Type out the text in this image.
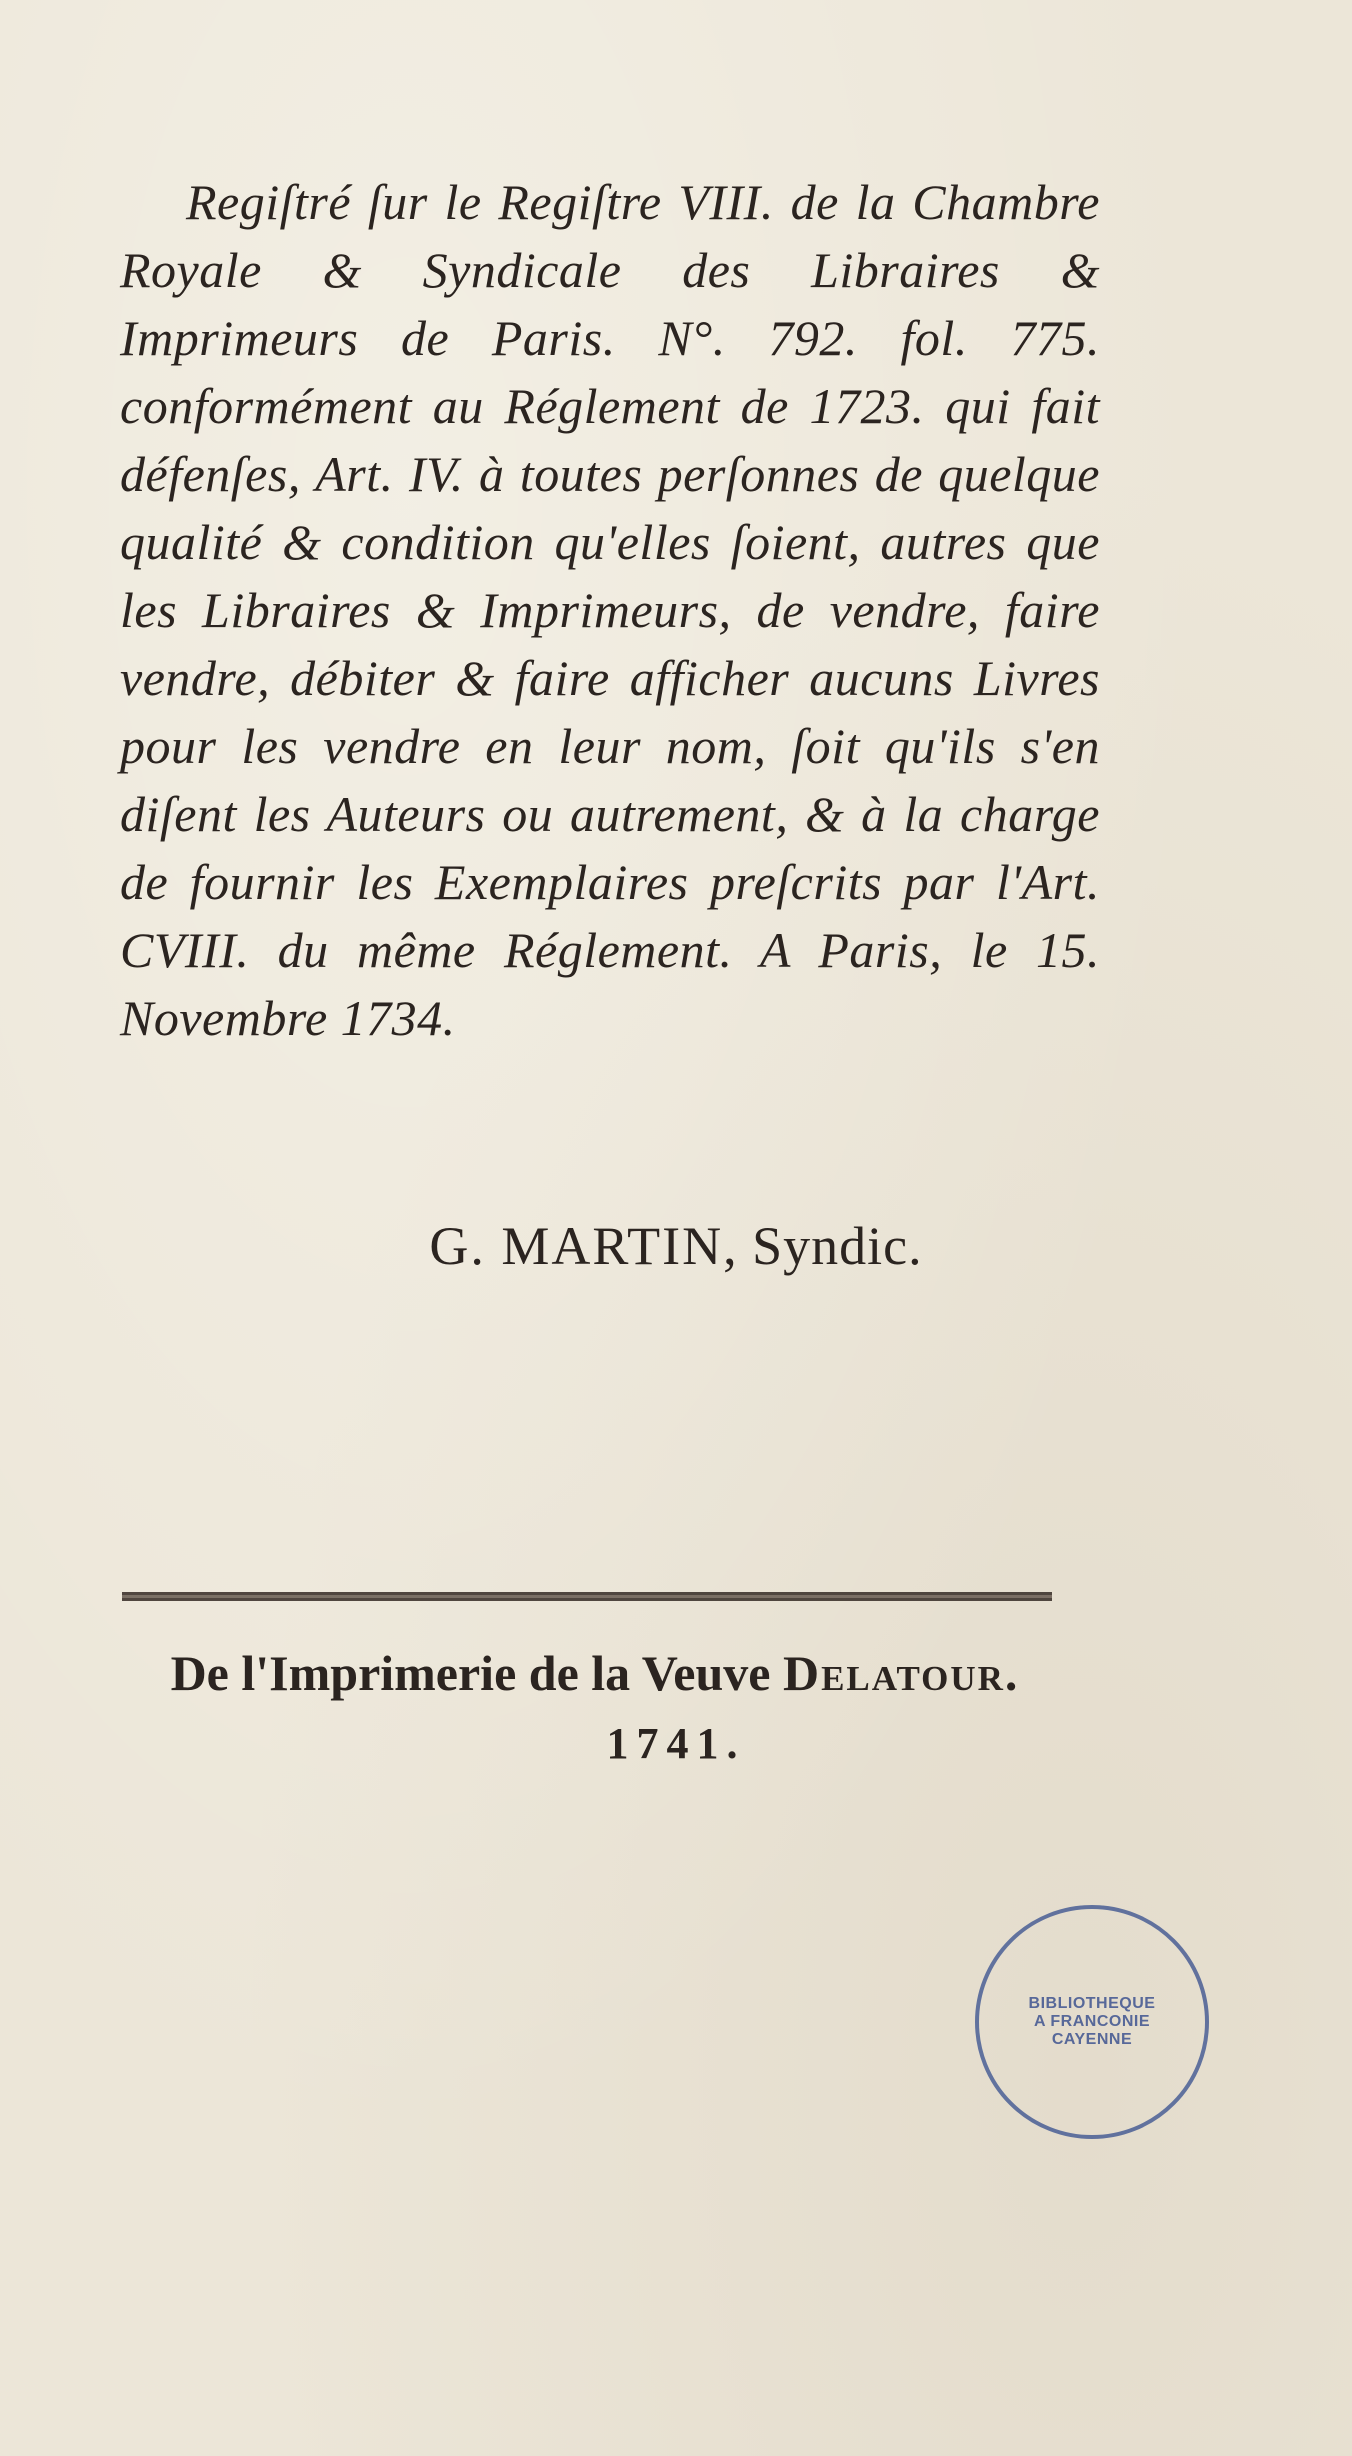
Regiſtré ſur le Regiſtre VIII. de la Chambre Royale & Syndicale des Libraires & Imprimeurs de Paris. N°. 792. fol. 775. conformément au Réglement de 1723. qui fait défenſes, Art. IV. à toutes perſonnes de quelque qualité & condition qu'elles ſoient, autres que les Libraires & Imprimeurs, de vendre, faire vendre, débiter & faire afficher aucuns Livres pour les vendre en leur nom, ſoit qu'ils s'en diſent les Auteurs ou autrement, & à la charge de fournir les Exemplaires preſcrits par l'Art. CVIII. du même Réglement. A Paris, le 15. Novembre 1734.

G. MARTIN, Syndic.
De l'Imprimerie de la Veuve Delatour.
1741.
BIBLIOTHEQUE
A FRANCONIE
CAYENNE
